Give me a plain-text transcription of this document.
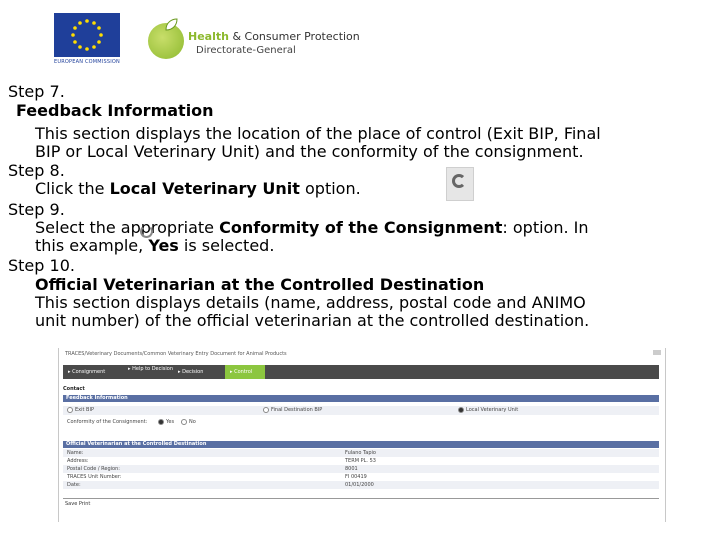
EUROPEAN COMMISSION
Health & Consumer Protection
Directorate-General
Step 7.
Feedback Information
This section displays the location of the place of control (Exit BIP, Final
BIP or Local Veterinary Unit) and the conformity of the consignment.
Step 8.
Click the Local Veterinary Unit option.
Step 9.
Select the appropriate Conformity of the Consignment: option. In
this example, Yes is selected.
Step 10.
Official Veterinarian at the Controlled Destination
This section displays details (name, address, postal code and ANIMO
unit number) of the official veterinarian at the controlled destination.
TRACES/Veterinary Documents/Common Veterinary Entry Document for Animal Products
▸ Consignment	▸ Help to Decision	▸ Decision	▸ Control
Contact
Feedback Information
Exit BIP	Final Destination BIP	Local Veterinary Unit
Conformity of the Consignment:	Yes	No
Official Veterinarian at the Controlled Destination
Name:	Fulano Tapio
Address:	TERM PL. 53
Postal Code / Region:	8001
TRACES Unit Number:	FI 00419
Date:	01/01/2000
Save Print
